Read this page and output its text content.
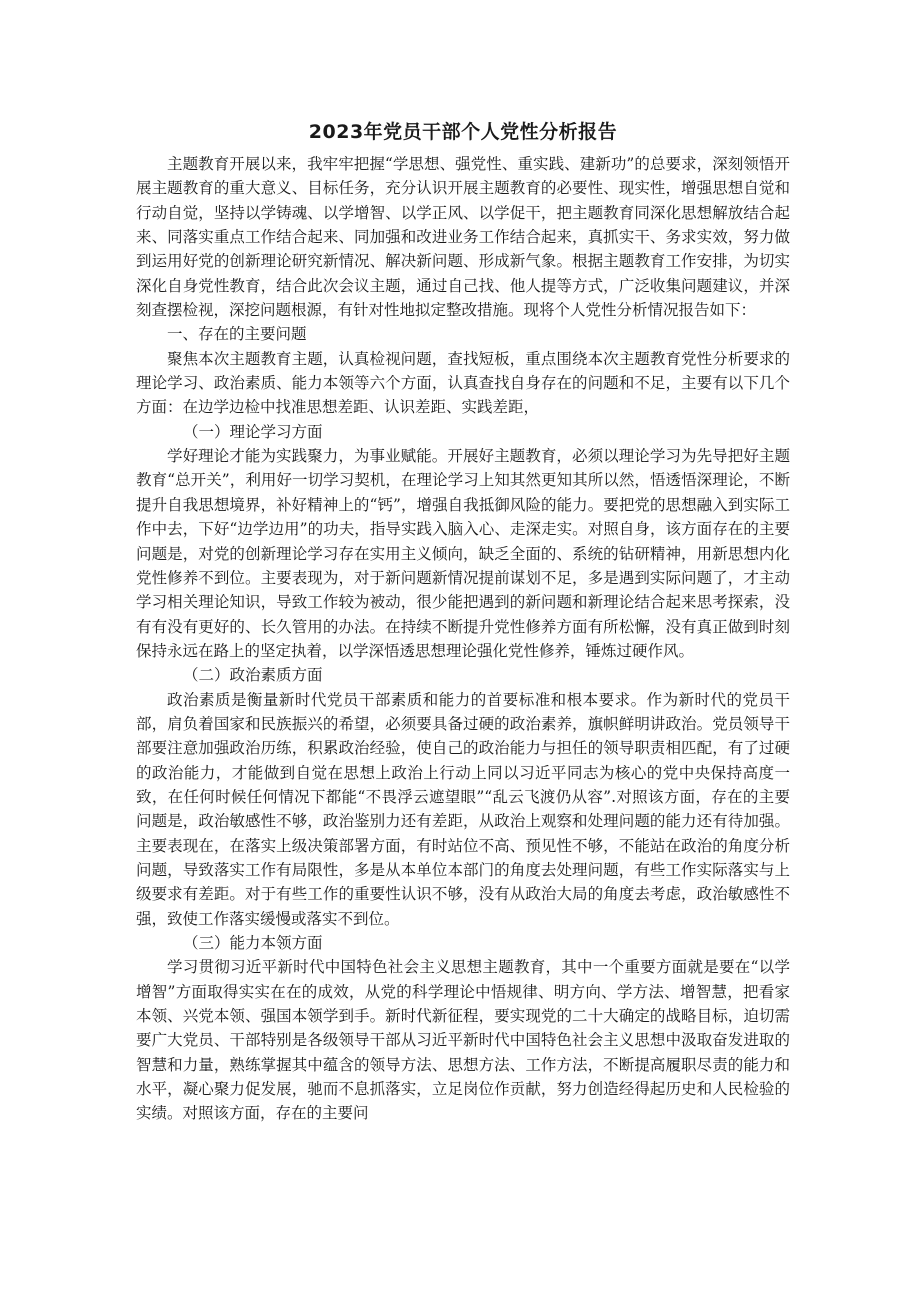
2023年党员干部个人党性分析报告

主题教育开展以来，我牢牢把握“学思想、强党性、重实践、建新功”的总要求，深刻领悟开展主题教育的重大意义、目标任务，充分认识开展主题教育的必要性、现实性，增强思想自觉和行动自觉，坚持以学铸魂、以学增智、以学正风、以学促干，把主题教育同深化思想解放结合起来、同落实重点工作结合起来、同加强和改进业务工作结合起来，真抓实干、务求实效，努力做到运用好党的创新理论研究新情况、解决新问题、形成新气象。根据主题教育工作安排，为切实深化自身党性教育，结合此次会议主题，通过自己找、他人提等方式，广泛收集问题建议，并深刻查摆检视，深挖问题根源，有针对性地拟定整改措施。现将个人党性分析情况报告如下：

一、存在的主要问题

聚焦本次主题教育主题，认真检视问题，查找短板，重点围绕本次主题教育党性分析要求的理论学习、政治素质、能力本领等六个方面，认真查找自身存在的问题和不足，主要有以下几个方面：在边学边检中找准思想差距、认识差距、实践差距，

（一）理论学习方面

学好理论才能为实践聚力，为事业赋能。开展好主题教育，必须以理论学习为先导把好主题教育“总开关”，利用好一切学习契机，在理论学习上知其然更知其所以然，悟透悟深理论，不断提升自我思想境界，补好精神上的“钙”，增强自我抵御风险的能力。要把党的思想融入到实际工作中去，下好“边学边用”的功夫，指导实践入脑入心、走深走实。对照自身，该方面存在的主要问题是，对党的创新理论学习存在实用主义倾向，缺乏全面的、系统的钻研精神，用新思想内化党性修养不到位。主要表现为，对于新问题新情况提前谋划不足，多是遇到实际问题了，才主动学习相关理论知识，导致工作较为被动，很少能把遇到的新问题和新理论结合起来思考探索，没有有没有更好的、长久管用的办法。在持续不断提升党性修养方面有所松懈，没有真正做到时刻保持永远在路上的坚定执着，以学深悟透思想理论强化党性修养，锤炼过硬作风。

（二）政治素质方面

政治素质是衡量新时代党员干部素质和能力的首要标准和根本要求。作为新时代的党员干部，肩负着国家和民族振兴的希望，必须要具备过硬的政治素养，旗帜鲜明讲政治。党员领导干部要注意加强政治历练，积累政治经验，使自己的政治能力与担任的领导职责相匹配，有了过硬的政治能力，才能做到自觉在思想上政治上行动上同以习近平同志为核心的党中央保持高度一致，在任何时候任何情况下都能“不畏浮云遮望眼”“乱云飞渡仍从容”.对照该方面，存在的主要问题是，政治敏感性不够，政治鉴别力还有差距，从政治上观察和处理问题的能力还有待加强。主要表现在，在落实上级决策部署方面，有时站位不高、预见性不够，不能站在政治的角度分析问题，导致落实工作有局限性，多是从本单位本部门的角度去处理问题，有些工作实际落实与上级要求有差距。对于有些工作的重要性认识不够，没有从政治大局的角度去考虑，政治敏感性不强，致使工作落实缓慢或落实不到位。

（三）能力本领方面

学习贯彻习近平新时代中国特色社会主义思想主题教育，其中一个重要方面就是要在“以学增智”方面取得实实在在的成效，从党的科学理论中悟规律、明方向、学方法、增智慧，把看家本领、兴党本领、强国本领学到手。新时代新征程，要实现党的二十大确定的战略目标，迫切需要广大党员、干部特别是各级领导干部从习近平新时代中国特色社会主义思想中汲取奋发进取的智慧和力量，熟练掌握其中蕴含的领导方法、思想方法、工作方法，不断提高履职尽责的能力和水平，凝心聚力促发展，驰而不息抓落实，立足岗位作贡献，努力创造经得起历史和人民检验的实绩。对照该方面，存在的主要问
